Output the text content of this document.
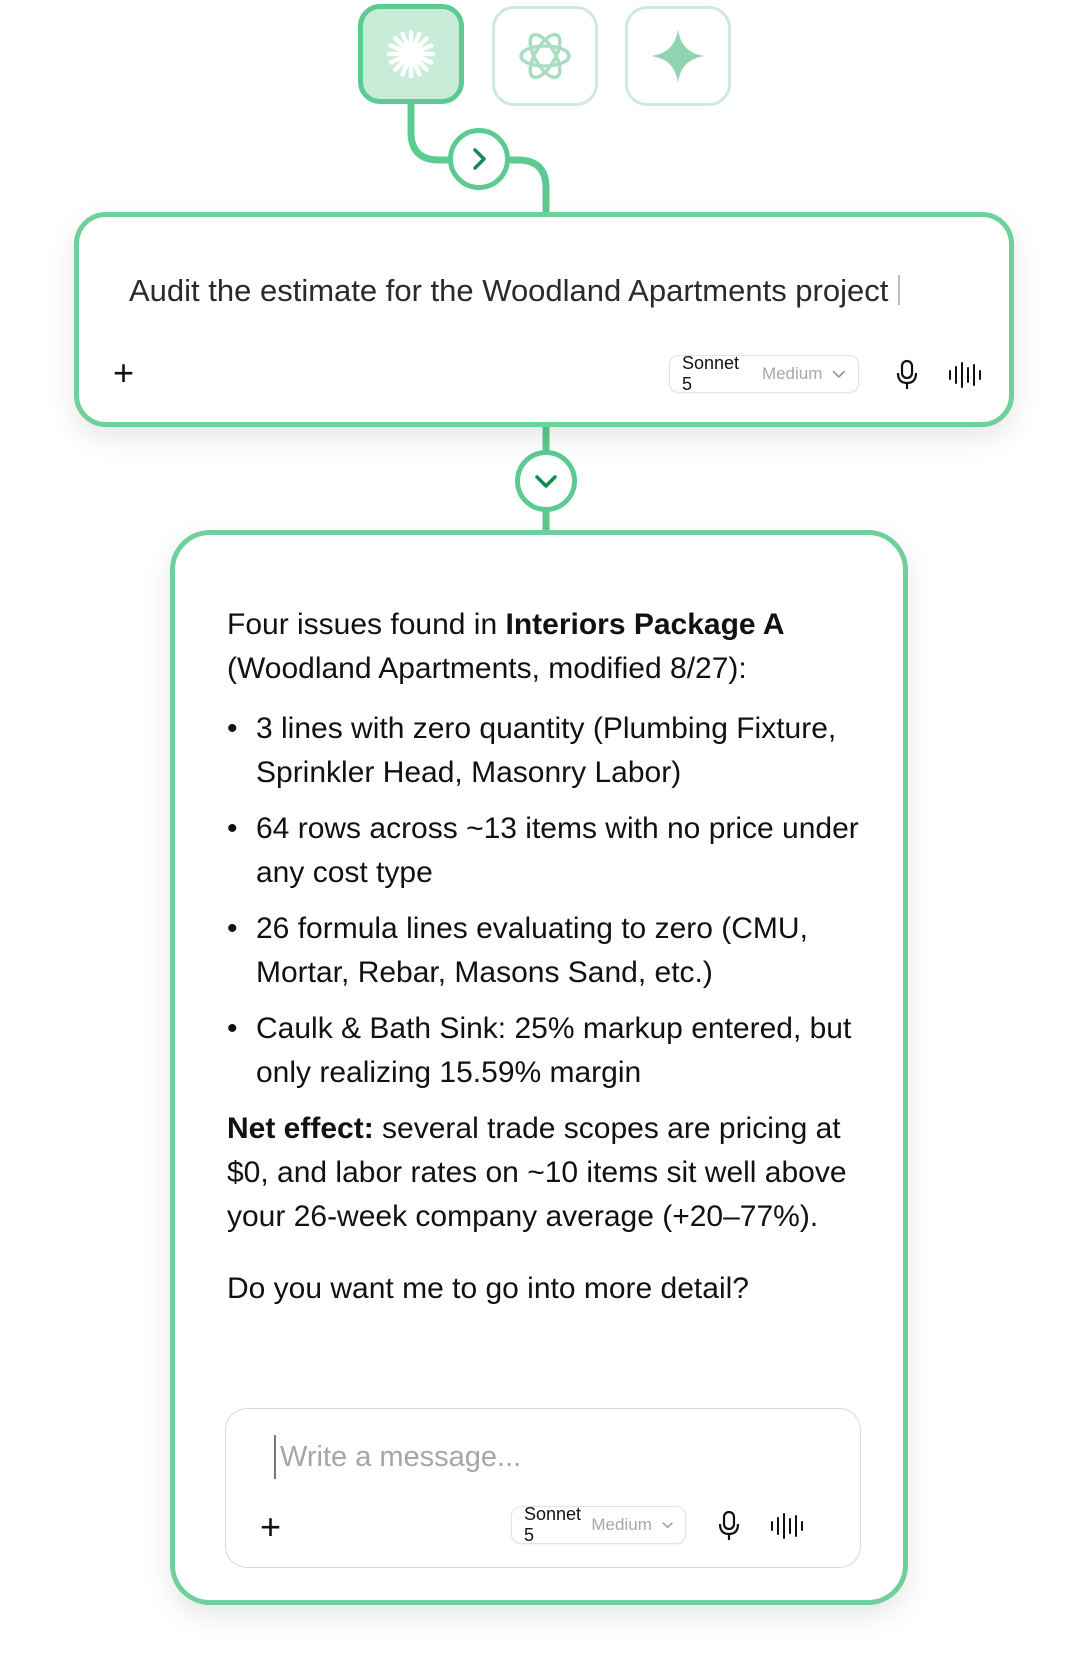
Audit the estimate for the Woodland Apartments project
+	Sonnet 5
Medium

Four issues found in Interiors Package A (Woodland Apartments, modified 8/27):

• 3 lines with zero quantity (Plumbing Fixture, Sprinkler Head, Masonry Labor)
• 64 rows across ~13 items with no price under any cost type
• 26 formula lines evaluating to zero (CMU, Mortar, Rebar, Masons Sand, etc.)
• Caulk & Bath Sink: 25% markup entered, but only realizing 15.59% margin

Net effect: several trade scopes are pricing at $0, and labor rates on ~10 items sit well above your 26-week company average (+20–77%).

Do you want me to go into more detail?

Write a message...
+	Sonnet 5
Medium
